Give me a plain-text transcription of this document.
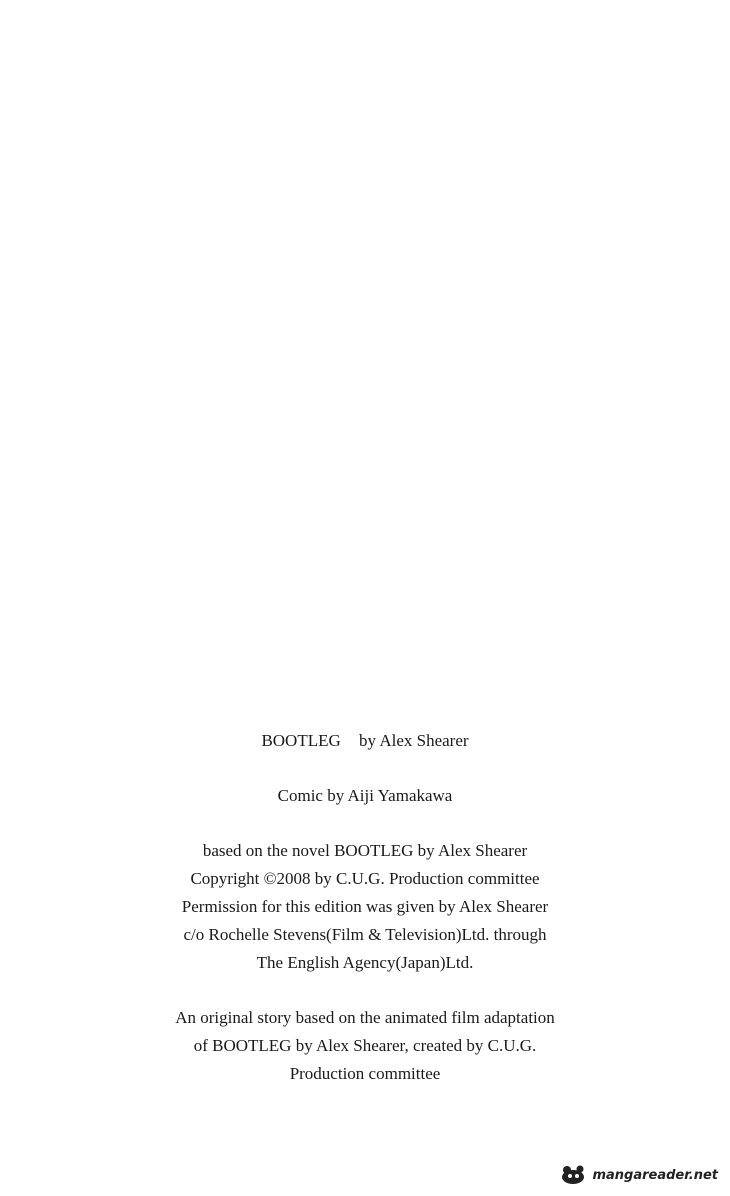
BOOTLEG by Alex Shearer
Comic by Aiji Yamakawa
based on the novel BOOTLEG by Alex Shearer
Copyright ©2008 by C.U.G. Production committee
Permission for this edition was given by Alex Shearer
c/o Rochelle Stevens(Film & Television)Ltd. through
The English Agency(Japan)Ltd.
An original story based on the animated film adaptation
of BOOTLEG by Alex Shearer, created by C.U.G.
Production committee
mangareader.net
